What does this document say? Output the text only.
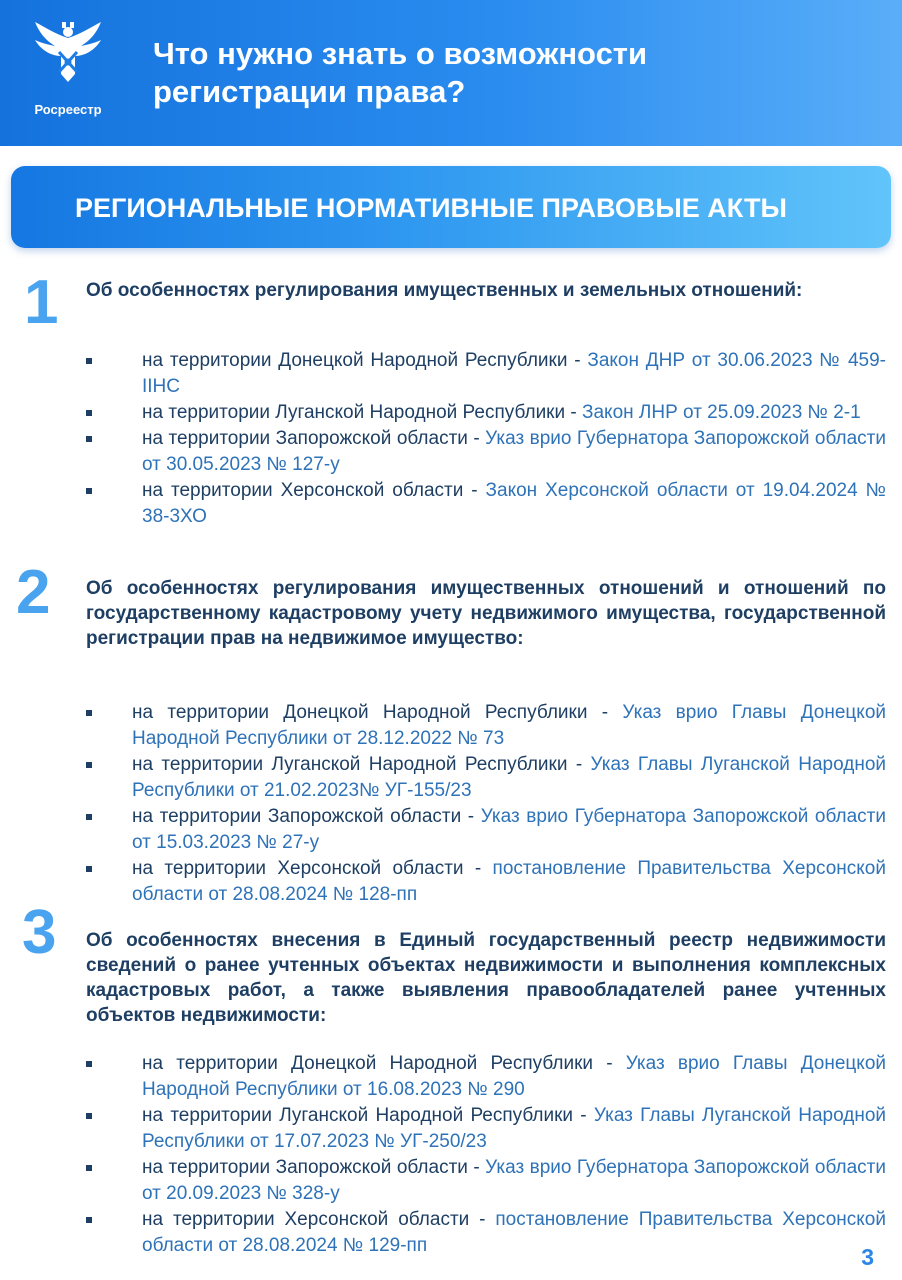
Росреестр
Что нужно знать о возможности
регистрации права?
РЕГИОНАЛЬНЫЕ НОРМАТИВНЫЕ ПРАВОВЫЕ АКТЫ
1 Об особенностях регулирования имущественных и земельных отношений:
на территории Донецкой Народной Республики - Закон ДНР от 30.06.2023 № 459-IIНС
на территории Луганской Народной Республики - Закон ЛНР от 25.09.2023 № 2-1
на территории Запорожской области - Указ врио Губернатора Запорожской области от 30.05.2023 № 127-у
на территории Херсонской области - Закон Херсонской области от 19.04.2024 № 38-3ХО
2 Об особенностях регулирования имущественных отношений и отношений по государственному кадастровому учету недвижимого имущества, государственной регистрации прав на недвижимое имущество:
на территории Донецкой Народной Республики - Указ врио Главы Донецкой Народной Республики от 28.12.2022 № 73
на территории Луганской Народной Республики - Указ Главы Луганской Народной Республики от 21.02.2023№ УГ-155/23
на территории Запорожской области - Указ врио Губернатора Запорожской области от 15.03.2023 № 27-у
на территории Херсонской области - постановление Правительства Херсонской области от 28.08.2024 № 128-пп
3 Об особенностях внесения в Единый государственный реестр недвижимости сведений о ранее учтенных объектах недвижимости и выполнения комплексных кадастровых работ, а также выявления правообладателей ранее учтенных объектов недвижимости:
на территории Донецкой Народной Республики - Указ врио Главы Донецкой Народной Республики от 16.08.2023 № 290
на территории Луганской Народной Республики - Указ Главы Луганской Народной Республики от 17.07.2023 № УГ-250/23
на территории Запорожской области - Указ врио Губернатора Запорожской области от 20.09.2023 № 328-у
на территории Херсонской области - постановление Правительства Херсонской области от 28.08.2024 № 129-пп	3
